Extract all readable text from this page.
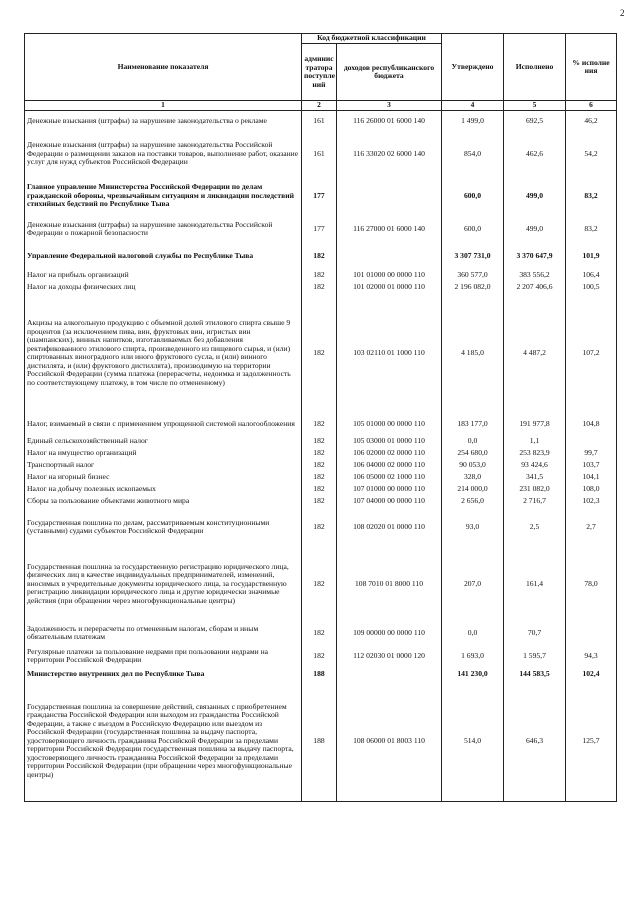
2
Наименование показателя	Код бюджетной классификации		Утверждено	Исполнено	% исполне ния
	админис тратора поступле ний	доходов республиканского бюджета			
1	2	3	4	5	6
Денежные взыскания (штрафы) за нарушение законодательства о рекламе	161	116 26000 01 6000 140	1 499,0	692,5	46,2
Денежные взыскания (штрафы) за нарушение законодательства Российской Федерации о размещении заказов на поставки товаров, выполнение работ, оказание услуг для нужд субъектов Российской Федерации	161	116 33020 02 6000 140	854,0	462,6	54,2
Главное управление Министерства Российской Федерации по делам гражданской обороны, чрезвычайным ситуациям и ликвидации последствий стихийных бедствий по Республике Тыва	177		600,0	499,0	83,2
Денежные взыскания (штрафы) за нарушение законодательства Российской Федерации о пожарной безопасности	177	116 27000 01 6000 140	600,0	499,0	83,2
Управление Федеральной налоговой службы по Республике Тыва	182		3 307 731,0	3 370 647,9	101,9
Налог на прибыль организаций	182	101 01000 00 0000 110	360 577,0	383 556,2	106,4
Налог на доходы физических лиц	182	101 02000 01 0000 110	2 196 082,0	2 207 406,6	100,5
Акцизы на алкогольную продукцию с объемной долей этилового спирта свыше 9 процентов (за исключением пива, вин, фруктовых вин, игристых вин (шампанских), винных напитков, изготавливаемых без добавления ректификованного этилового спирта, произведенного из пищевого сырья, и (или) спиртованных виноградного или иного фруктового сусла, и (или) винного дистиллята, и (или) фруктового дистиллята), производимую на территории Российской Федерации (сумма платежа (перерасчеты, недоимка и задолженность по соответствующему платежу, в том числе по отмененному)	182	103 02110 01 1000 110	4 185,0	4 487,2	107,2
Налог, взимаемый в связи с применением упрощенной системой налогообложения	182	105 01000 00 0000 110	183 177,0	191 977,8	104,8
Единый сельскохозяйственный налог	182	105 03000 01 0000 110	0,0	1,1	
Налог на имущество организаций	182	106 02000 02 0000 110	254 680,0	253 823,9	99,7
Транспортный налог	182	106 04000 02 0000 110	90 053,0	93 424,6	103,7
Налог на игорный бизнес	182	106 05000 02 1000 110	328,0	341,5	104,1
Налог на добычу полезных ископаемых	182	107 01000 00 0000 110	214 000,0	231 082,0	108,0
Сборы за пользование объектами животного мира	182	107 04000 00 0000 110	2 656,0	2 716,7	102,3
Государственная пошлина по делам, рассматриваемым конституционными (уставными) судами субъектов Российской Федерации	182	108 02020 01 0000 110	93,0	2,5	2,7
Государственная пошлина за государственную регистрацию юридического лица, физических лиц в качестве индивидуальных предпринимателей, изменений, вносимых в учредительные документы юридического лица, за государственную регистрацию ликвидации юридического лица и другие юридически значимые действия (при обращении через многофункциональные центры)	182	108 7010 01 8000 110	207,0	161,4	78,0
Задолженность и перерасчеты по отмененным налогам, сборам и иным обязательным платежам	182	109 00000 00 0000 110	0,0	70,7	
Регулярные платежи за пользование недрами при пользовании недрами на территории Российской Федерации	182	112 02030 01 0000 120	1 693,0	1 595,7	94,3
Министерство внутренних дел по Республике Тыва	188		141 230,0	144 583,5	102,4
Государственная пошлина за совершение действий, связанных с приобретением гражданства Российской Федерации или выходом из гражданства Российской Федерации, а также с въездом в Российскую Федерацию или выездом из Российской Федерации (государственная пошлина за выдачу паспорта, удостоверяющего личность гражданина Российской Федерации за пределами территории Российской Федерации государственная пошлина за выдачу паспорта, удостоверяющего личность гражданина Российской Федерации за пределами территории Российской Федерации (при обращении через многофункциональные центры)	188	108 06000 01 8003 110	514,0	646,3	125,7
